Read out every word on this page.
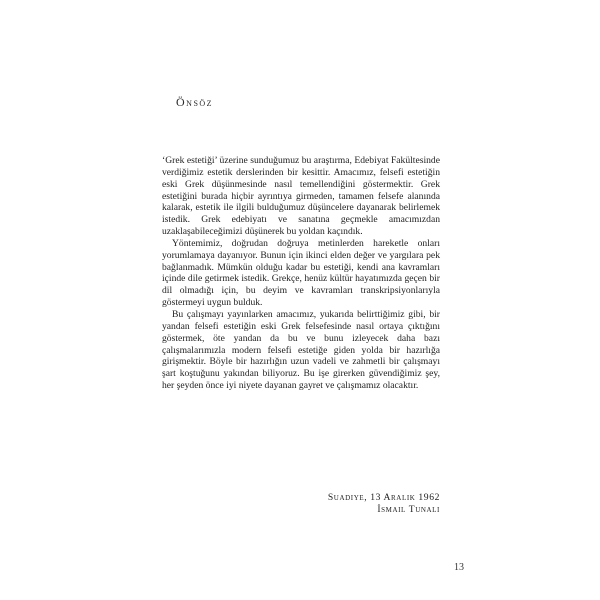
Önsöz

‘Grek estetiği’ üzerine sunduğumuz bu araştırma, Edebiyat Fakültesinde verdiğimiz estetik derslerinden bir kesittir. Amacımız, felsefi estetiğin eski Grek düşünmesinde nasıl temellendiğini göstermektir. Grek estetiğini burada hiçbir ayrıntıya girmeden, tamamen felsefe alanında kalarak, estetik ile ilgili bulduğumuz düşüncelere dayanarak belirlemek istedik. Grek edebiyatı ve sanatına geçmekle amacımızdan uzaklaşabileceğimizi düşünerek bu yoldan kaçındık.

Yöntemimiz, doğrudan doğruya metinlerden hareketle onları yorumlamaya dayanıyor. Bunun için ikinci elden değer ve yargılara pek bağlanmadık. Mümkün olduğu kadar bu estetiği, kendi ana kavramları içinde dile getirmek istedik. Grekçe, henüz kültür hayatımızda geçen bir dil olmadığı için, bu deyim ve kavramları transkripsiyonlarıyla göstermeyi uygun bulduk.

Bu çalışmayı yayınlarken amacımız, yukarıda belirttiğimiz gibi, bir yandan felsefi estetiğin eski Grek felsefesinde nasıl ortaya çıktığını göstermek, öte yandan da bu ve bunu izleyecek daha bazı çalışmalarımızla modern felsefi estetiğe giden yolda bir hazırlığa girişmektir. Böyle bir hazırlığın uzun vadeli ve zahmetli bir çalışmayı şart koştuğunu yakından biliyoruz. Bu işe girerken güvendiğimiz şey, her şeyden önce iyi niyete dayanan gayret ve çalışmamız olacaktır.

Suadiye, 13 Aralık 1962
İsmail Tunalı
13
